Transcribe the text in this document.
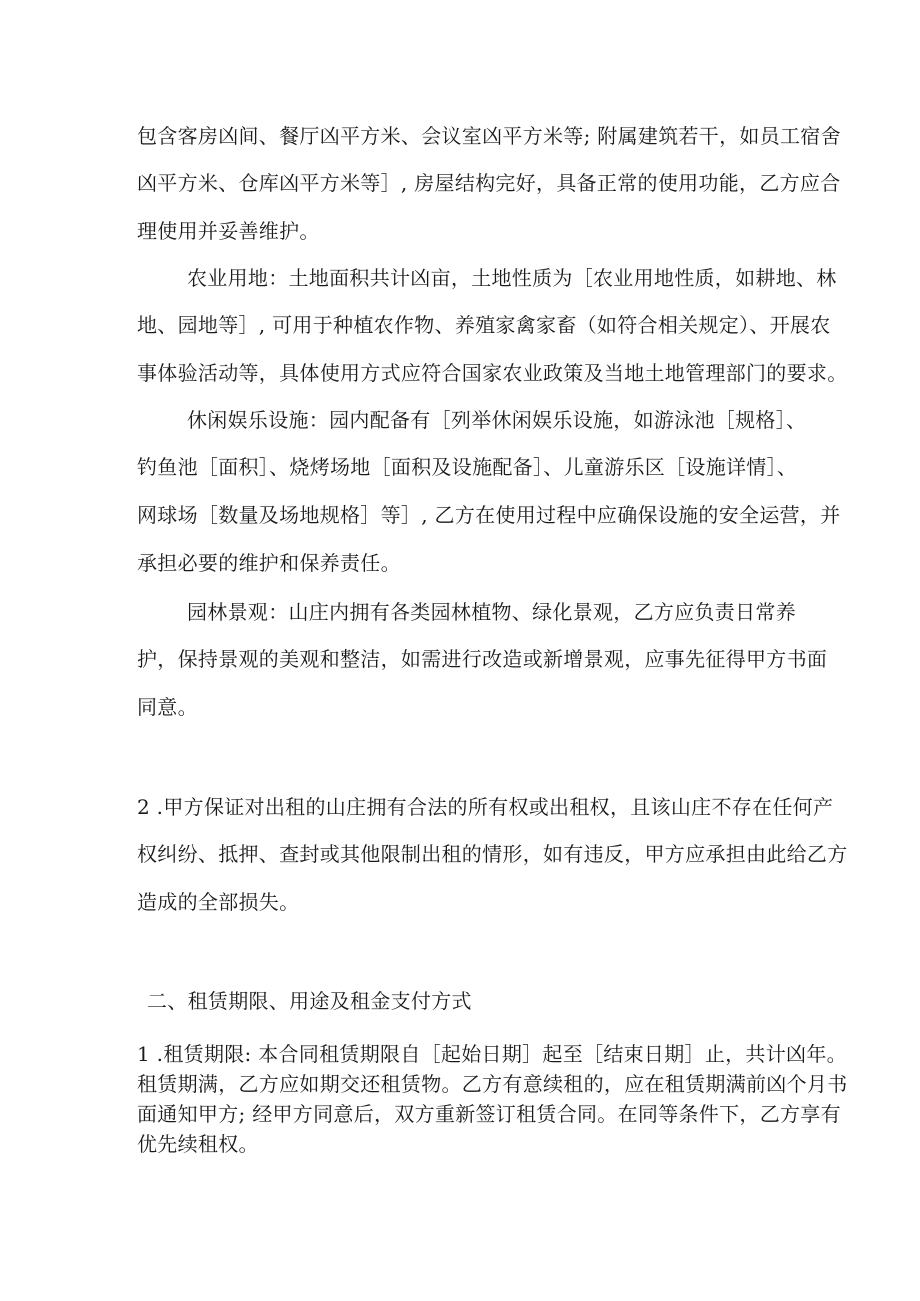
包含客房凶间、餐厅凶平方米、会议室凶平方米等; 附属建筑若干，如员工宿舍
凶平方米、仓库凶平方米等］, 房屋结构完好，具备正常的使用功能，乙方应合
理使用并妥善维护。
农业用地：土地面积共计凶亩，土地性质为［农业用地性质，如耕地、林
地、园地等］, 可用于种植农作物、养殖家禽家畜（如符合相关规定）、开展农
事体验活动等，具体使用方式应符合国家农业政策及当地土地管理部门的要求。
休闲娱乐设施：园内配备有［列举休闲娱乐设施，如游泳池［规格］、
钓鱼池［面积］、烧烤场地［面积及设施配备］、儿童游乐区［设施详情］、
网球场［数量及场地规格］等］, 乙方在使用过程中应确保设施的安全运营，并
承担必要的维护和保养责任。
园林景观：山庄内拥有各类园林植物、绿化景观，乙方应负责日常养
护，保持景观的美观和整洁，如需进行改造或新增景观，应事先征得甲方书面
同意。
2 .甲方保证对出租的山庄拥有合法的所有权或出租权，且该山庄不存在任何产
权纠纷、抵押、查封或其他限制出租的情形，如有违反，甲方应承担由此给乙方
造成的全部损失。
二、租赁期限、用途及租金支付方式
1 .租赁期限: 本合同租赁期限自［起始日期］起至［结束日期］止，共计凶年。
租赁期满，乙方应如期交还租赁物。乙方有意续租的，应在租赁期满前凶个月书
面通知甲方; 经甲方同意后，双方重新签订租赁合同。在同等条件下，乙方享有
优先续租权。
